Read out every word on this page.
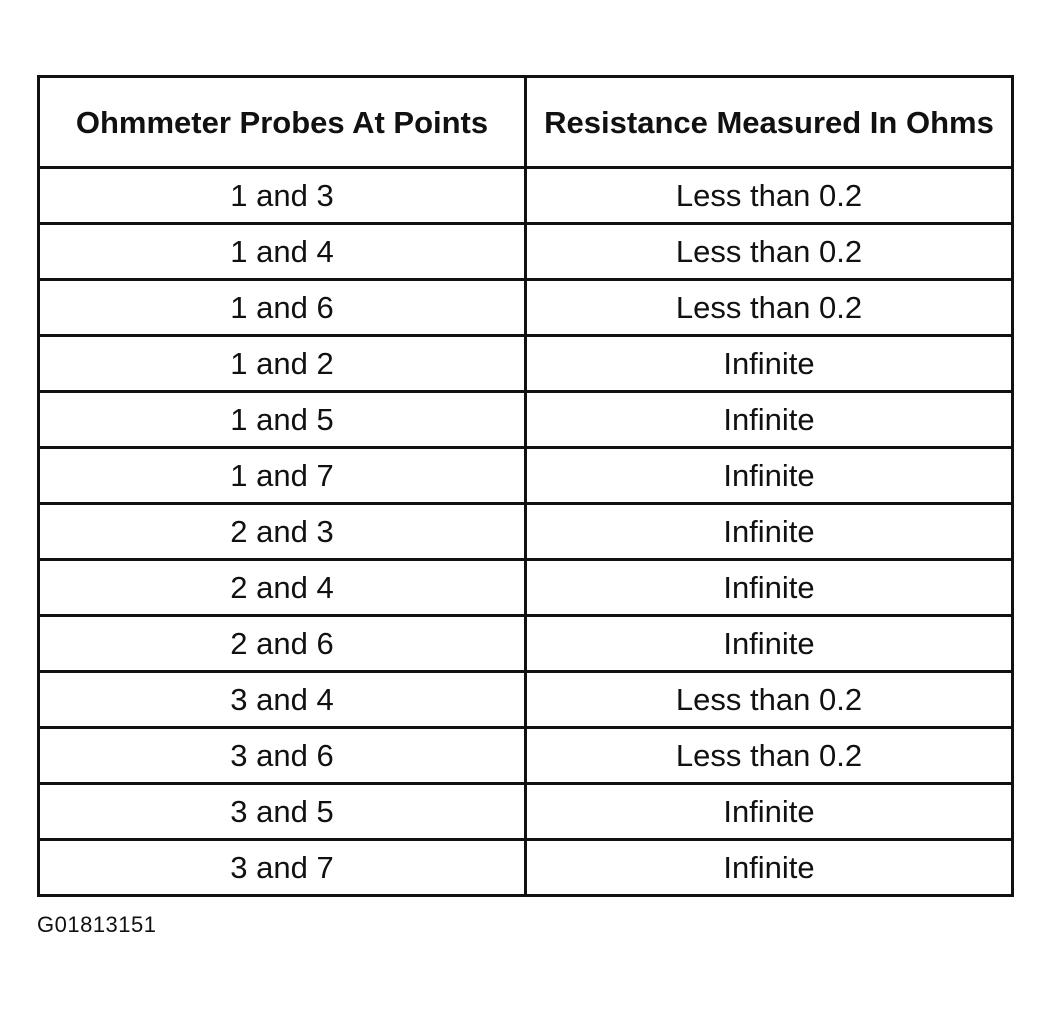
Ohmmeter Probes At Points	Resistance Measured In Ohms
1 and 3	Less than 0.2
1 and 4	Less than 0.2
1 and 6	Less than 0.2
1 and 2	Infinite
1 and 5	Infinite
1 and 7	Infinite
2 and 3	Infinite
2 and 4	Infinite
2 and 6	Infinite
3 and 4	Less than 0.2
3 and 6	Less than 0.2
3 and 5	Infinite
3 and 7	Infinite
G01813151
